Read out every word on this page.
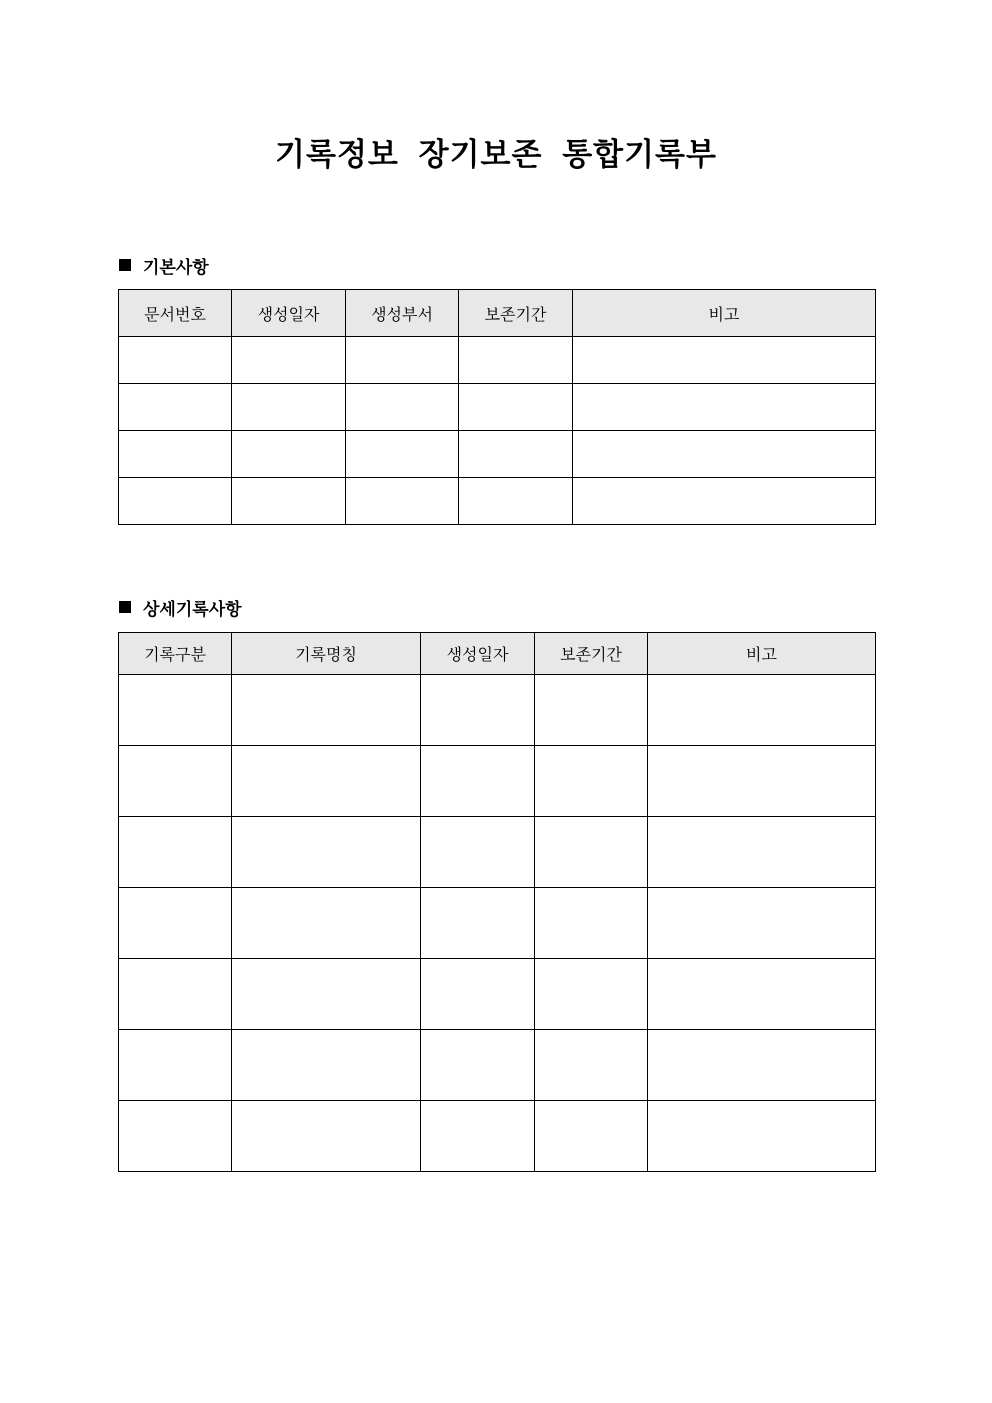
기록정보 장기보존 통합기록부
기본사항
문서번호	생성일자	생성부서	보존기간	비고

상세기록사항
기록구분	기록명칭	생성일자	보존기간	비고
